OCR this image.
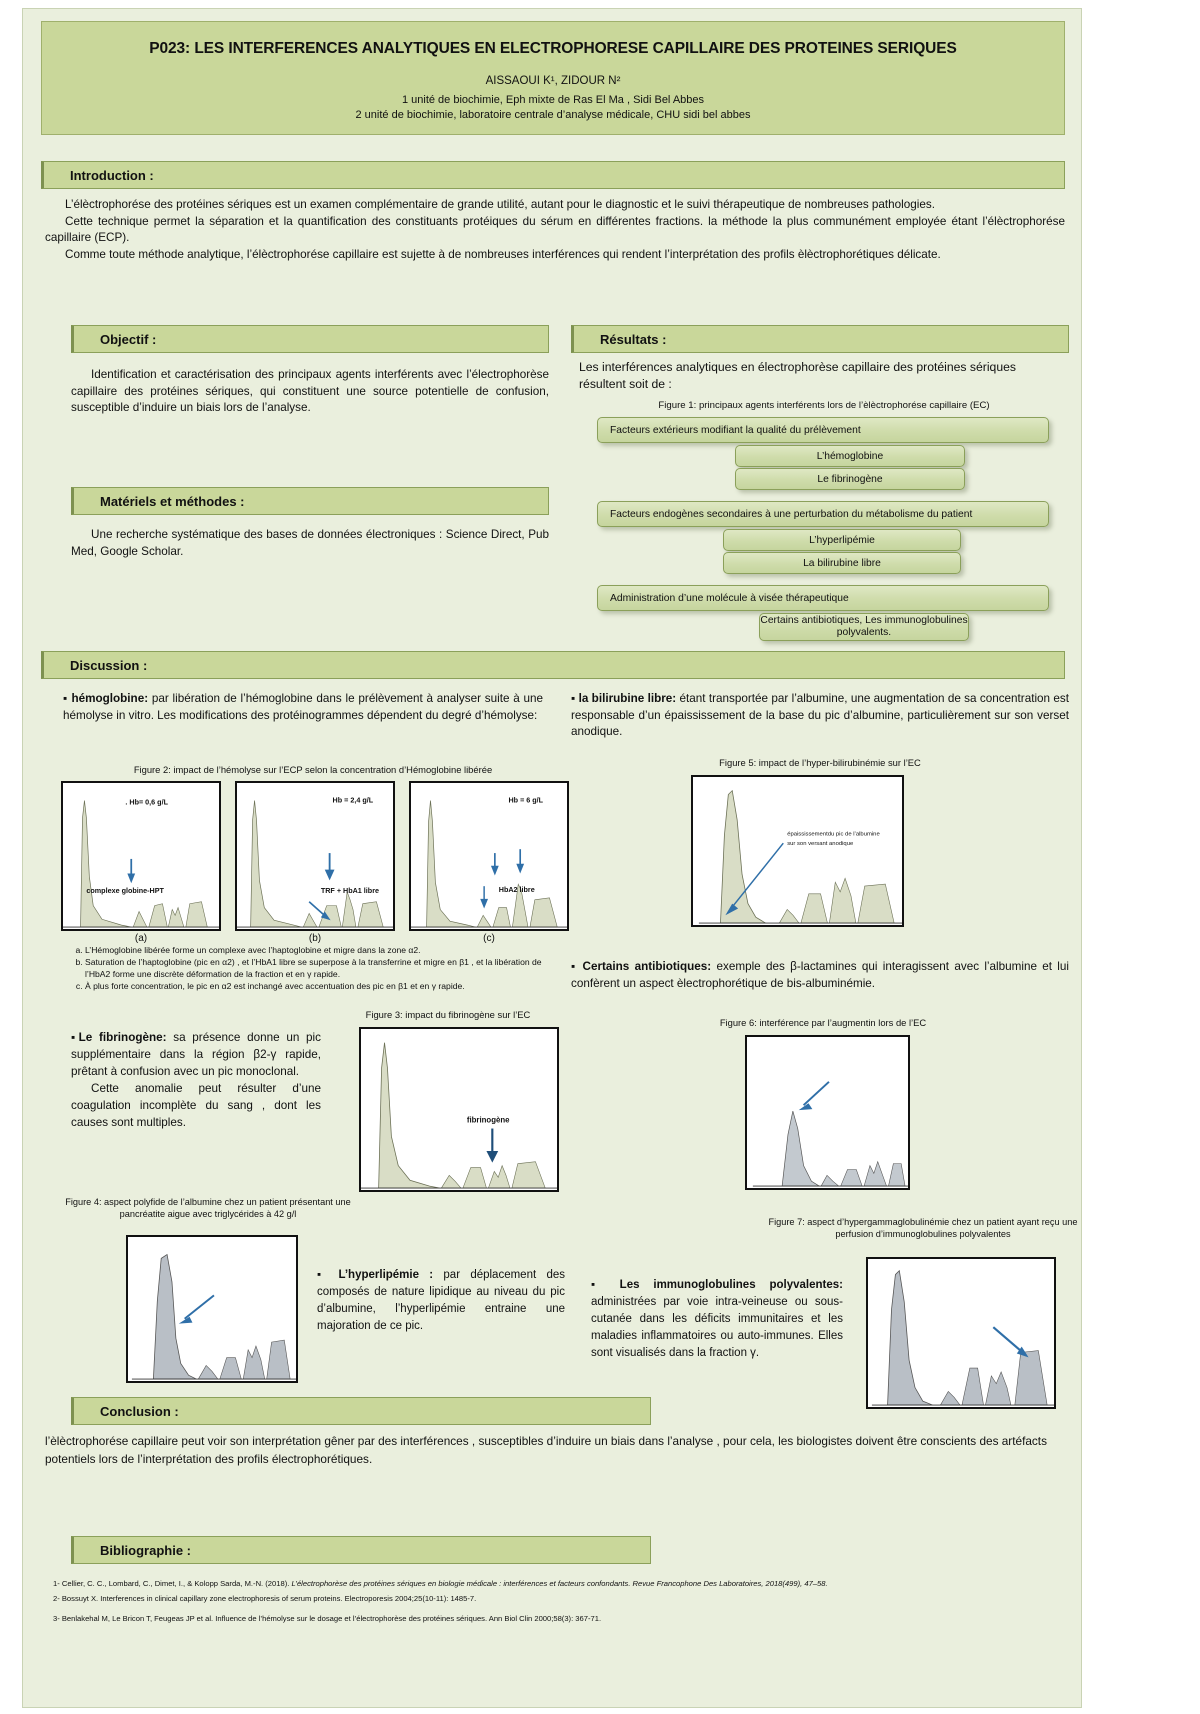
P023: LES INTERFERENCES ANALYTIQUES EN ELECTROPHORESE CAPILLAIRE DES PROTEINES SERIQUES
AISSAOUI K¹, ZIDOUR N²
1 unité de biochimie, Eph mixte de Ras El Ma , Sidi Bel Abbes
2 unité de biochimie, laboratoire centrale d’analyse médicale, CHU sidi bel abbes
Introduction :
L’élèctrophorése des protéines sériques est un examen complémentaire de grande utilité, autant pour le diagnostic et le suivi thérapeutique de nombreuses pathologies.
Cette technique permet la séparation et la quantification des constituants protéiques du sérum en différentes fractions. la méthode la plus communément employée étant l’élèctrophorése capillaire (ECP).
Comme toute méthode analytique, l’élèctrophorése capillaire est sujette à de nombreuses interférences qui rendent l’interprétation des profils èlèctrophorétiques délicate.
Objectif :
Identification et caractérisation des principaux agents interférents avec l’électrophorèse capillaire des protéines sériques, qui constituent une source potentielle de confusion, susceptible d’induire un biais lors de l’analyse.
Matériels et méthodes :
Une recherche systématique des bases de données électroniques : Science Direct, Pub Med, Google Scholar.
Résultats :
Les interférences analytiques en électrophorèse capillaire des protéines sériques résultent soit de :
Figure 1: principaux agents interférents lors de l’èlèctrophorése capillaire (EC)
Facteurs extérieurs modifiant la qualité du prélèvement
L’hémoglobine
Le fibrinogène
Facteurs endogènes secondaires à une perturbation du métabolisme du patient
L’hyperlipémie
La bilirubine libre
Administration d’une molécule à visée thérapeutique
Certains antibiotiques, Les immunoglobulines polyvalents.
Discussion :
▪ hémoglobine: par libération de l’hémoglobine dans le prélèvement à analyser suite à une hémolyse in vitro. Les modifications des protéinogrammes dépendent du degré d’hémolyse:
Figure 2: impact de l’hémolyse sur l’ECP selon la concentration d’Hémoglobine libérée
. Hb= 0,6 g/L
complexe globine-HPT
Hb = 2,4 g/L
TRF + HbA1 libre
Hb = 6 g/L
HbA2 libre
(a)	(b)	(c)
a. L’Hémoglobine libérée forme un complexe avec l’haptoglobine et migre dans la zone α2.
b. Saturation de l’haptoglobine (pic en α2) , et l’HbA1 libre se superpose à la transferrine et migre en β1 , et la libération de l’HbA2 forme une discrète déformation de la fraction et en γ rapide.
c. À plus forte concentration, le pic en α2 est inchangé avec accentuation des pic en β1 et en γ rapide.
Figure 3: impact du fibrinogène sur l’EC
fibrinogène
▪Le fibrinogène: sa présence donne un pic supplémentaire dans la région β2-γ rapide, prêtant à confusion avec un pic monoclonal.
Cette anomalie peut résulter d’une coagulation incomplète du sang , dont les causes sont multiples.
Figure 4: aspect polyfide de l’albumine chez un patient présentant une pancréatite aigue avec triglycérides à 42 g/l
▪ L’hyperlipémie : par déplacement des composés de nature lipidique au niveau du pic d’albumine, l’hyperlipémie entraine une majoration de ce pic.
▪ la bilirubine libre: étant transportée par l’albumine, une augmentation de sa concentration est responsable d’un épaississement de la base du pic d’albumine, particulièrement sur son verset anodique.
Figure 5: impact de l’hyper-bilirubinémie sur l’EC
épaississementdu pic de l’albumine
sur son versant anodique
▪ Certains antibiotiques: exemple des β-lactamines qui interagissent avec l’albumine et lui confèrent un aspect èlectrophorétique de bis-albuminémie.
Figure 6: interférence par l’augmentin lors de l’EC
▪ Les immunoglobulines polyvalentes: administrées par voie intra-veineuse ou sous-cutanée dans les déficits immunitaires et les maladies inflammatoires ou auto-immunes. Elles sont visualisés dans la fraction γ.
Figure 7: aspect d’hypergammaglobulinémie chez un patient ayant reçu une perfusion d’immunoglobulines polyvalentes
Conclusion :
l’èlèctrophorése capillaire peut voir son interprétation gêner par des interférences , susceptibles d’induire un biais dans l’analyse , pour cela, les biologistes doivent être conscients des artéfacts potentiels lors de l’interprétation des profils électrophorétiques.
Bibliographie :
1- Cellier, C. C., Lombard, C., Dimet, I., & Kolopp Sarda, M.-N. (2018). L’électrophorèse des protéines sériques en biologie médicale : interférences et facteurs confondants. Revue Francophone Des Laboratoires, 2018(499), 47–58.
2- Bossuyt X. Interferences in clinical capillary zone electrophoresis of serum proteins. Electroporesis 2004;25(10-11): 1485-7.
3- Benlakehal M, Le Bricon T, Feugeas JP et al. Influence de l’hémolyse sur le dosage et l’électrophorèse des protéines sériques. Ann Biol Clin 2000;58(3): 367-71.
